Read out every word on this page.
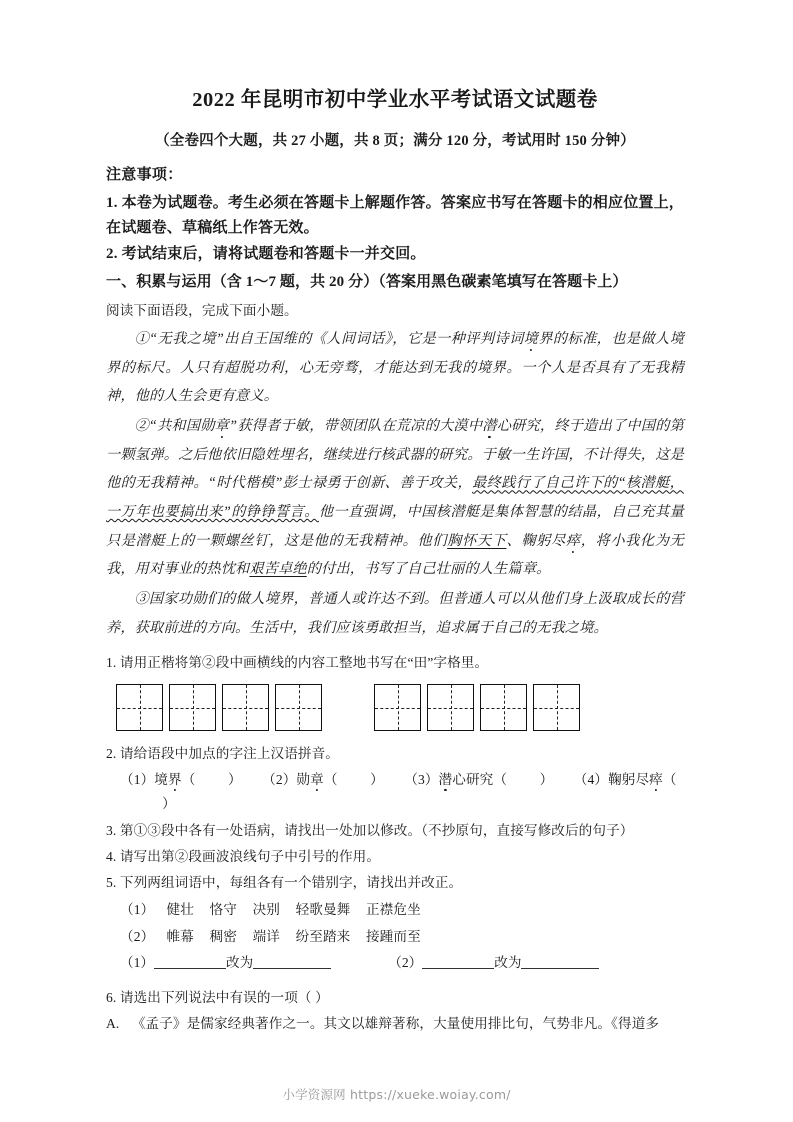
2022 年昆明市初中学业水平考试语文试题卷
（全卷四个大题，共 27 小题，共 8 页；满分 120 分，考试用时 150 分钟）
注意事项：

1. 本卷为试题卷。考生必须在答题卡上解题作答。答案应书写在答题卡的相应位置上，在试题卷、草稿纸上作答无效。

2. 考试结束后，请将试题卷和答题卡一并交回。

一、积累与运用（含 1～7 题，共 20 分）（答案用黑色碳素笔填写在答题卡上）

阅读下面语段，完成下面小题。

①“无我之境”出自王国维的《人间词话》，它是一种评判诗词境界的标准，也是做人境界的标尺。人只有超脱功利，心无旁骛，才能达到无我的境界。一个人是否具有了无我精神，他的人生会更有意义。

②“共和国勋章”获得者于敏，带领团队在荒凉的大漠中潜心研究，终于造出了中国的第一颗氢弹。之后他依旧隐姓埋名，继续进行核武器的研究。于敏一生许国，不计得失，这是他的无我精神。“时代楷模”彭士禄勇于创新、善于攻关，最终践行了自己许下的“核潜艇，一万年也要搞出来”的铮铮誓言。他一直强调，中国核潜艇是集体智慧的结晶，自己充其量只是潜艇上的一颗螺丝钉，这是他的无我精神。他们胸怀天下、鞠躬尽瘁，将小我化为无我，用对事业的热忱和艰苦卓绝的付出，书写了自己壮丽的人生篇章。

③国家功勋们的做人境界，普通人或许达不到。但普通人可以从他们身上汲取成长的营养，获取前进的方向。生活中，我们应该勇敢担当，追求属于自己的无我之境。

1. 请用正楷将第②段中画横线的内容工整地书写在“田”字格里。

2. 请给语段中加点的字注上汉语拼音。

（1）境界（ ） （2）勋章（ ） （3）潜心研究（ ） （4）鞠躬尽瘁（）

3. 第①③段中各有一处语病，请找出一处加以修改。（不抄原句，直接写修改后的句子）

4. 请写出第②段画波浪线句子中引号的作用。

5. 下列两组词语中，每组各有一个错别字，请找出并改正。

（1） 健壮 恪守 决别 轻歌曼舞 正襟危坐
（2） 帷幕 稠密 端详 纷至踏来 接踵而至
（1）	改为	（2）	改为

6. 请选出下列说法中有误的一项（ ）

A. 《孟子》是儒家经典著作之一。其文以雄辩著称，大量使用排比句，气势非凡。《得道多

小学资源网 https://xueke.woiay.com/
